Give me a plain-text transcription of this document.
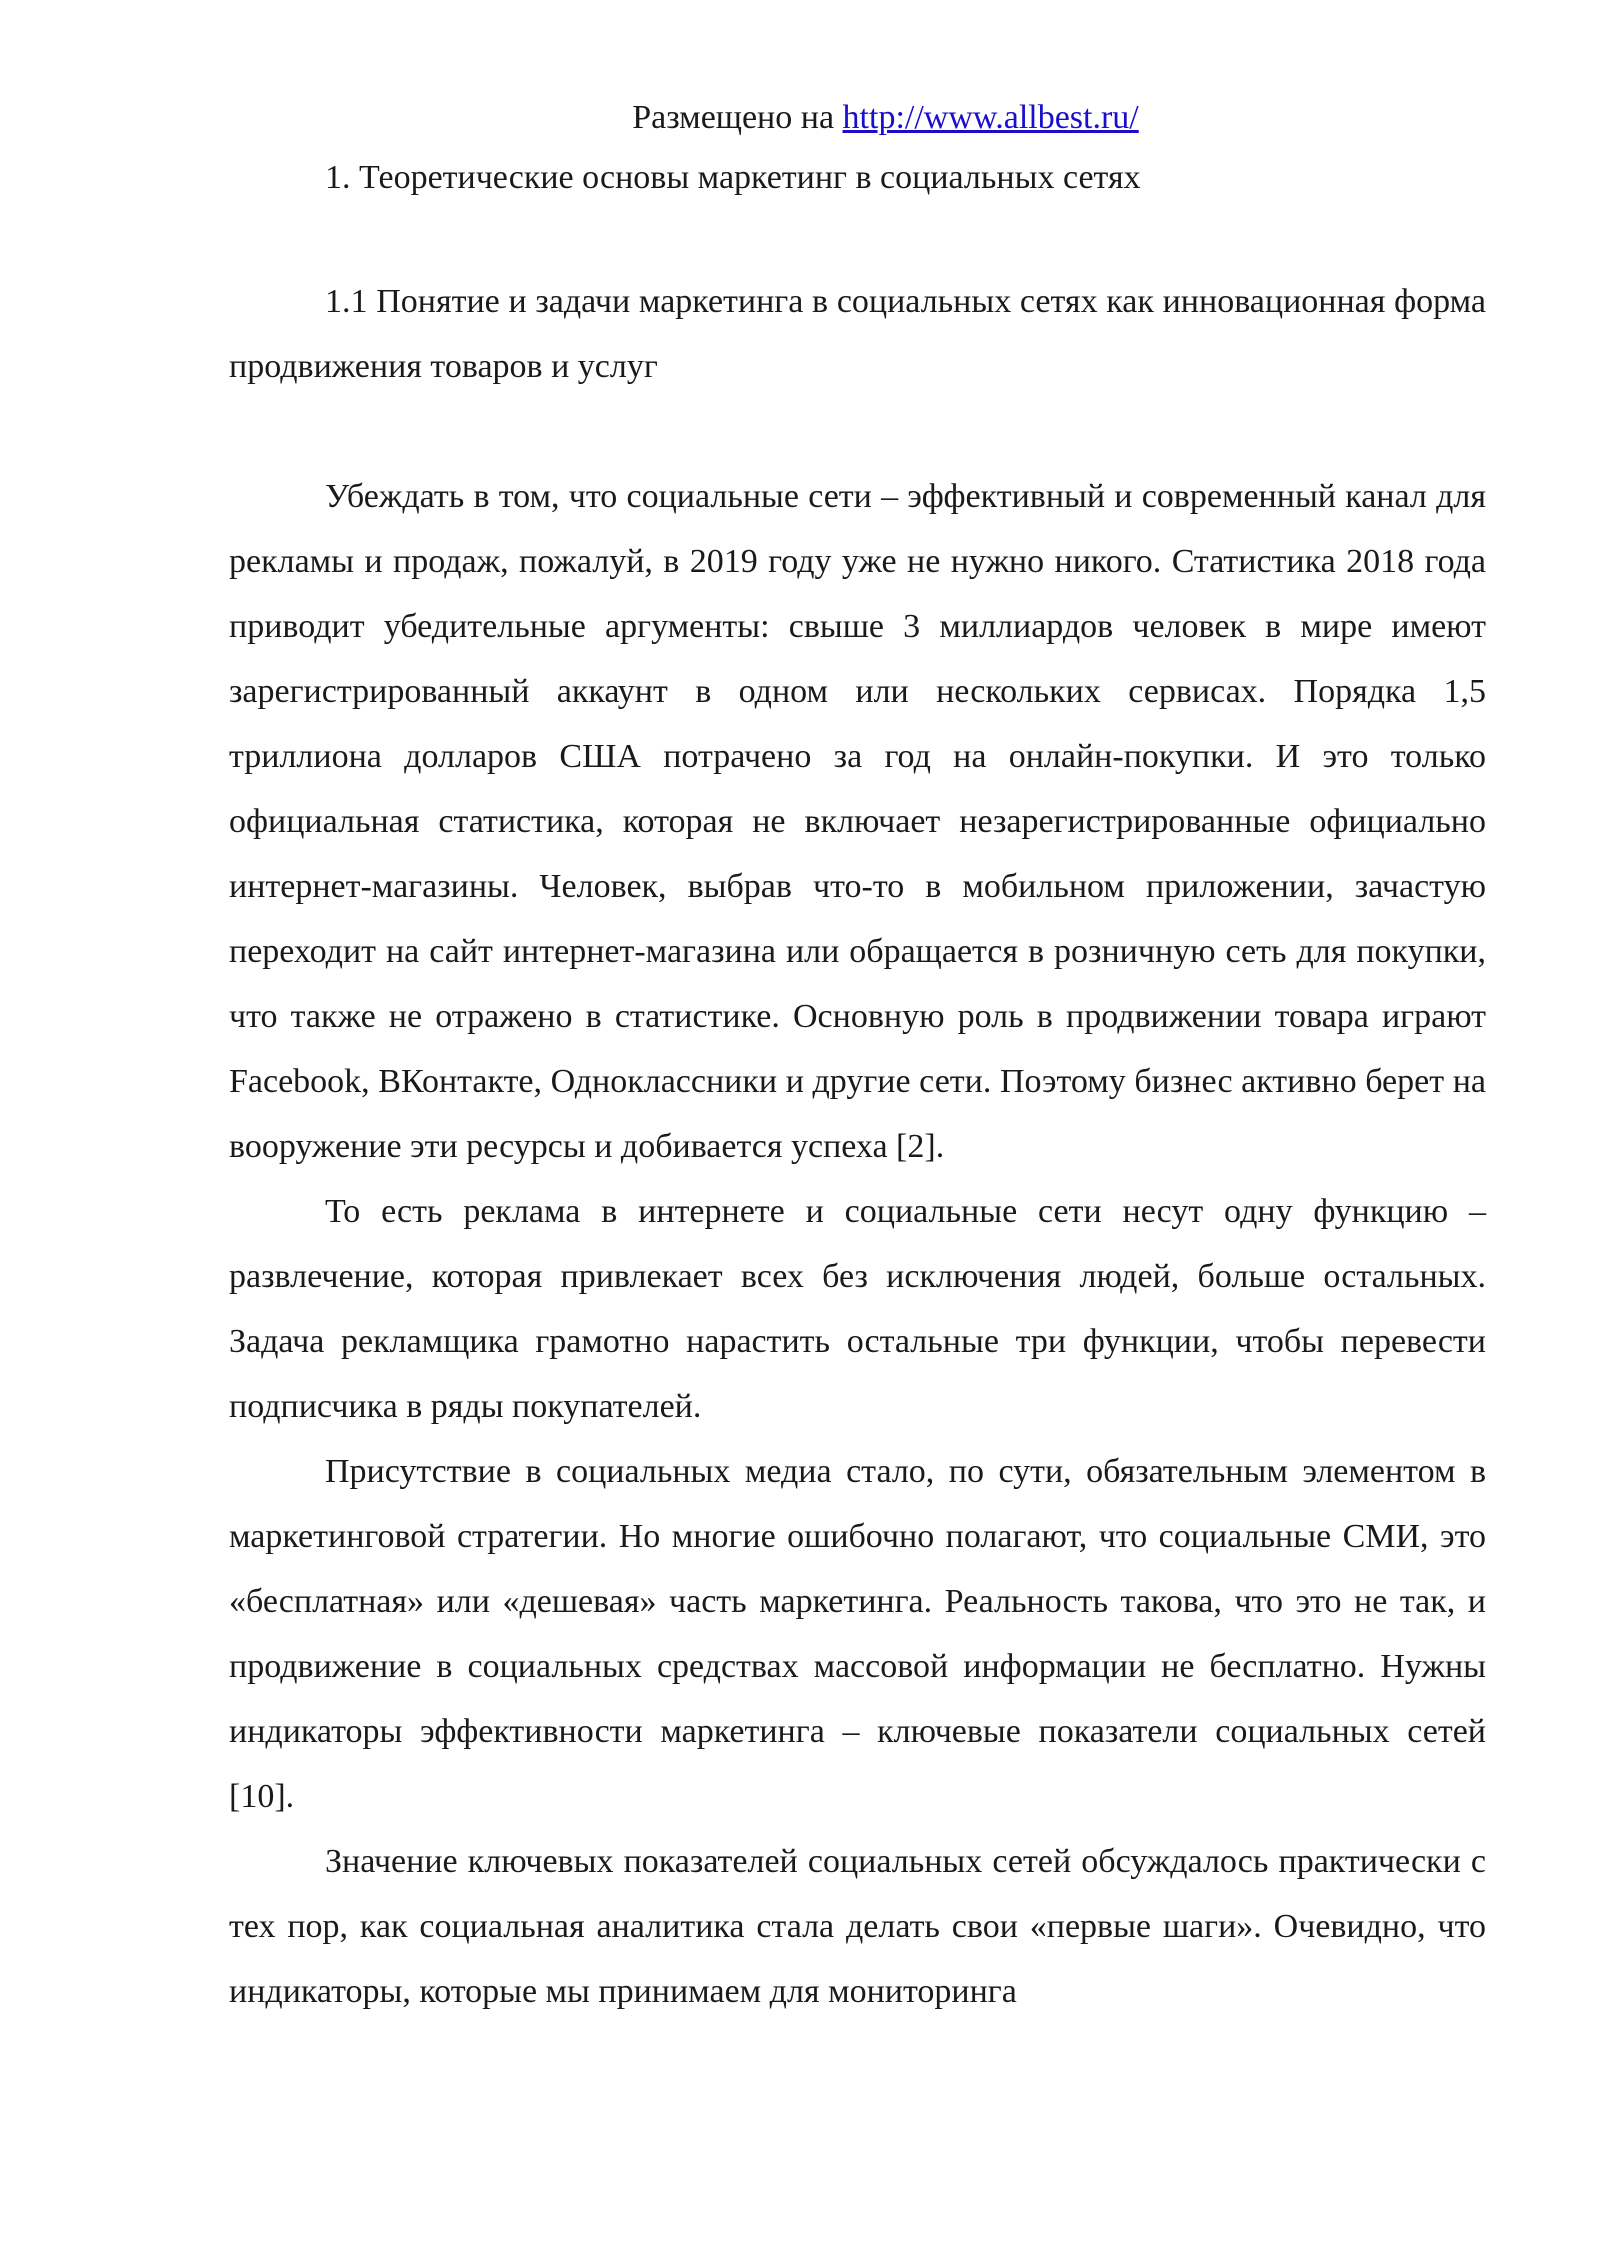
Размещено на http://www.allbest.ru/
1. Теоретические основы маркетинг в социальных сетях
1.1 Понятие и задачи маркетинга в социальных сетях как инновационная форма продвижения товаров и услуг

Убеждать в том, что социальные сети – эффективный и современный канал для рекламы и продаж, пожалуй, в 2019 году уже не нужно никого. Статистика 2018 года приводит убедительные аргументы: свыше 3 миллиардов человек в мире имеют зарегистрированный аккаунт в одном или нескольких сервисах. Порядка 1,5 триллиона долларов США потрачено за год на онлайн-покупки. И это только официальная статистика, которая не включает незарегистрированные официально интернет-магазины. Человек, выбрав что-то в мобильном приложении, зачастую переходит на сайт интернет-магазина или обращается в розничную сеть для покупки, что также не отражено в статистике. Основную роль в продвижении товара играют Facebook, ВКонтакте, Одноклассники и другие сети. Поэтому бизнес активно берет на вооружение эти ресурсы и добивается успеха [2].

То есть реклама в интернете и социальные сети несут одну функцию – развлечение, которая привлекает всех без исключения людей, больше остальных. Задача рекламщика грамотно нарастить остальные три функции, чтобы перевести подписчика в ряды покупателей.

Присутствие в социальных медиа стало, по сути, обязательным элементом в маркетинговой стратегии. Но многие ошибочно полагают, что социальные СМИ, это «бесплатная» или «дешевая» часть маркетинга. Реальность такова, что это не так, и продвижение в социальных средствах массовой информации не бесплатно. Нужны индикаторы эффективности маркетинга – ключевые показатели социальных сетей [10].

Значение ключевых показателей социальных сетей обсуждалось практически с тех пор, как социальная аналитика стала делать свои «первые шаги». Очевидно, что индикаторы, которые мы принимаем для мониторинга
